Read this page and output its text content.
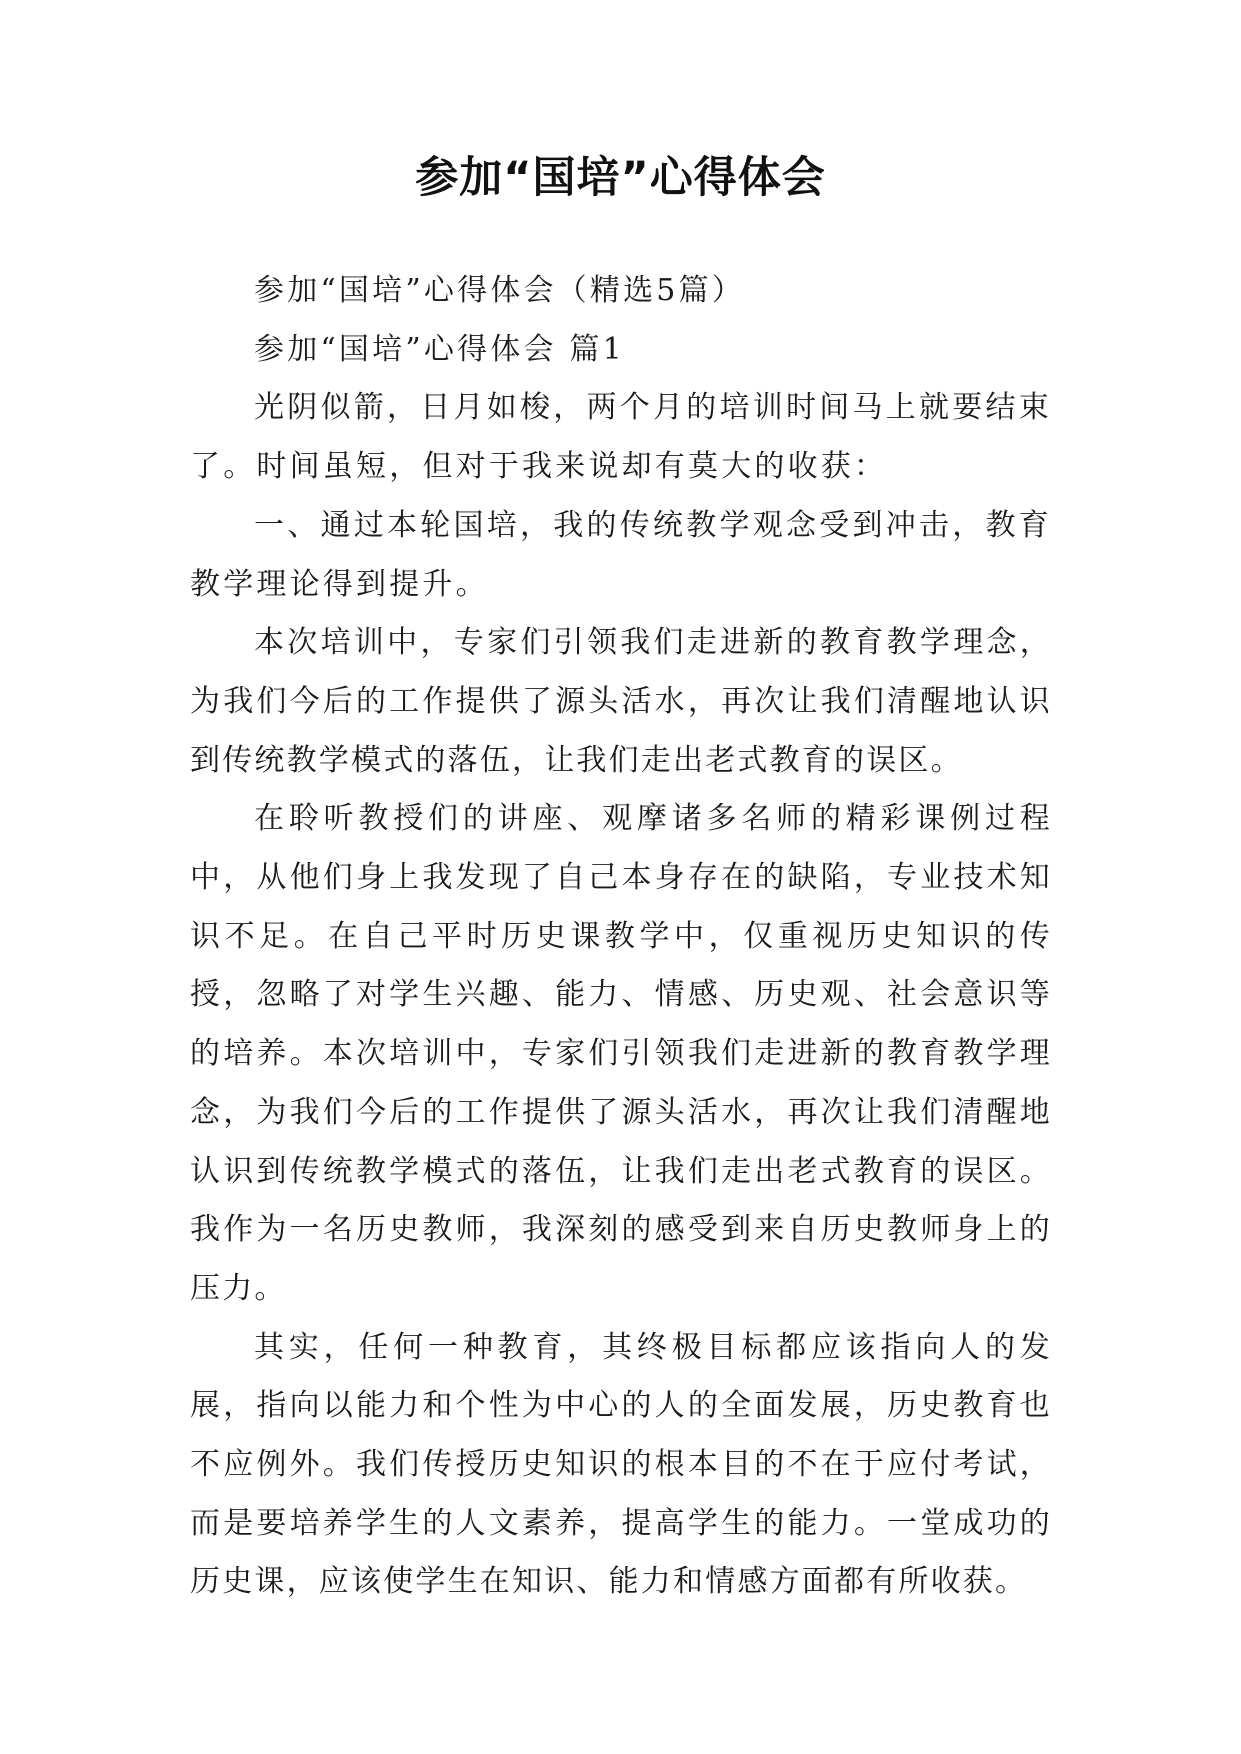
参加“国培”心得体会

参加“国培”心得体会（精选5篇）

参加“国培”心得体会 篇1

光阴似箭，日月如梭，两个月的培训时间马上就要结束了。时间虽短，但对于我来说却有莫大的收获：

一、通过本轮国培，我的传统教学观念受到冲击，教育教学理论得到提升。

本次培训中，专家们引领我们走进新的教育教学理念，为我们今后的工作提供了源头活水，再次让我们清醒地认识到传统教学模式的落伍，让我们走出老式教育的误区。

在聆听教授们的讲座、观摩诸多名师的精彩课例过程中，从他们身上我发现了自己本身存在的缺陷，专业技术知识不足。在自己平时历史课教学中，仅重视历史知识的传授，忽略了对学生兴趣、能力、情感、历史观、社会意识等的培养。本次培训中，专家们引领我们走进新的教育教学理念，为我们今后的工作提供了源头活水，再次让我们清醒地认识到传统教学模式的落伍，让我们走出老式教育的误区。我作为一名历史教师，我深刻的感受到来自历史教师身上的压力。

其实，任何一种教育，其终极目标都应该指向人的发展，指向以能力和个性为中心的人的全面发展，历史教育也不应例外。我们传授历史知识的根本目的不在于应付考试，而是要培养学生的人文素养，提高学生的能力。一堂成功的历史课，应该使学生在知识、能力和情感方面都有所收获。
